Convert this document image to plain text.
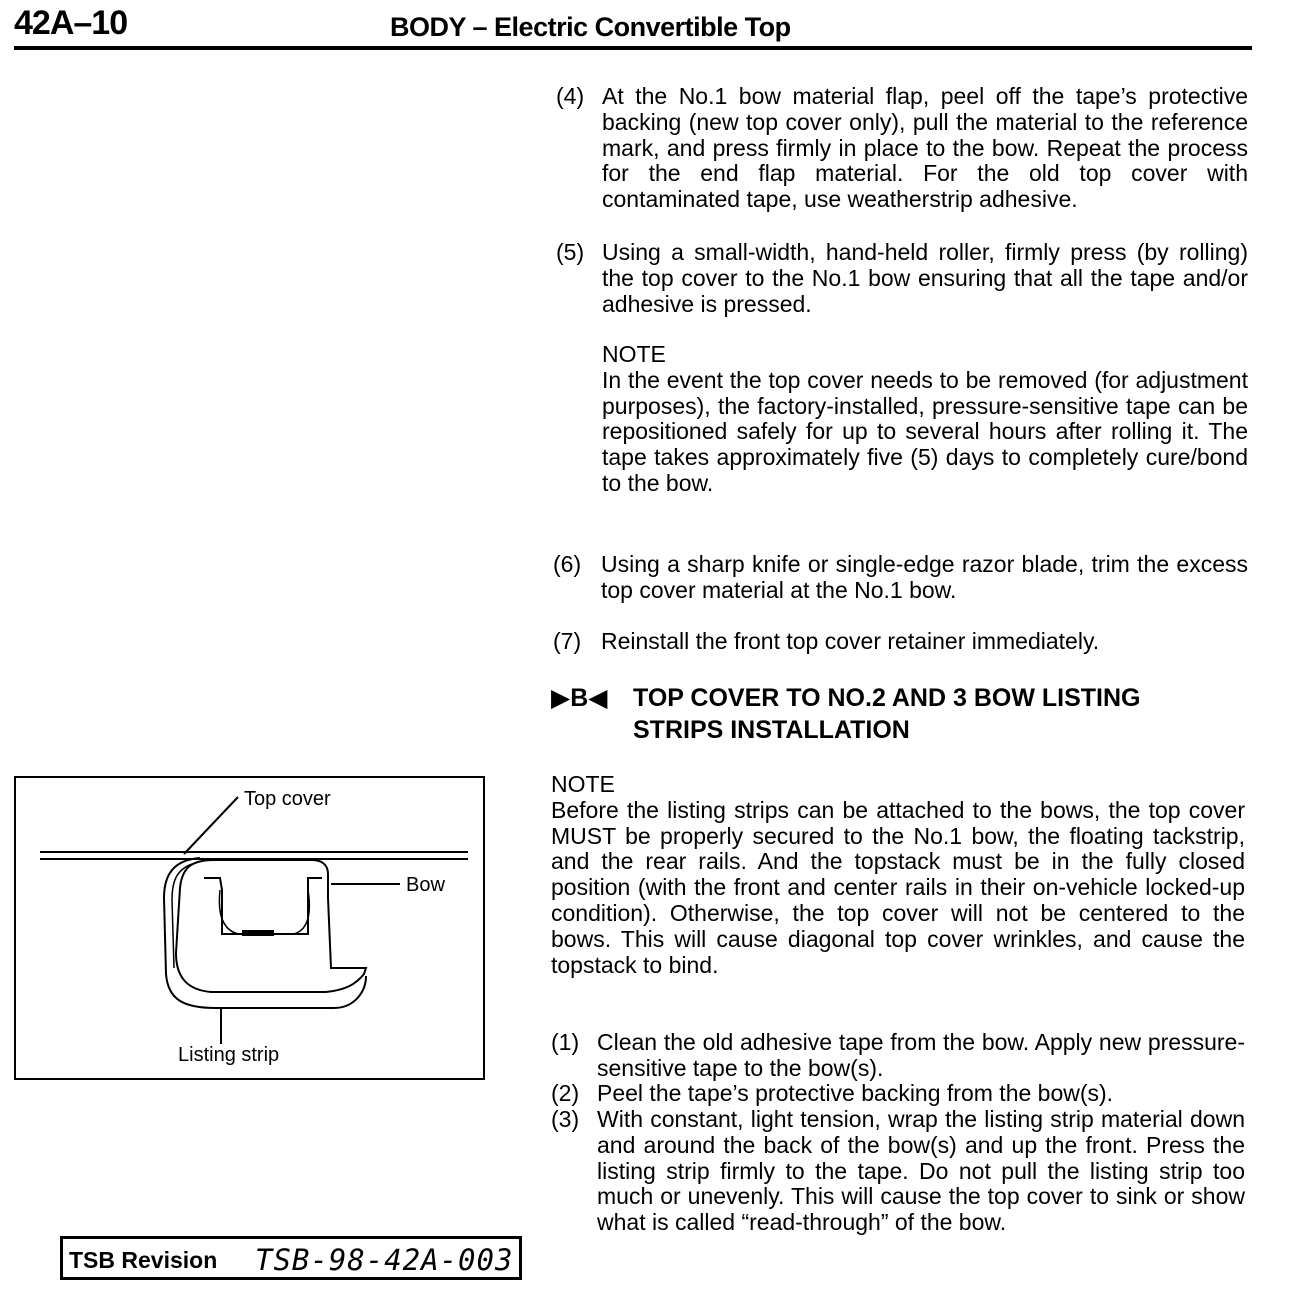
42A–10	BODY – Electric Convertible Top
(4) At the No.1 bow material flap, peel off the tape’s protective backing (new top cover only), pull the material to the reference mark, and press firmly in place to the bow. Repeat the process for the end flap material. For the old top cover with contaminated tape, use weatherstrip adhesive.
(5) Using a small-width, hand-held roller, firmly press (by rolling) the top cover to the No.1 bow ensuring that all the tape and/or adhesive is pressed.
NOTE
In the event the top cover needs to be removed (for adjustment purposes), the factory-installed, pressure-sensitive tape can be repositioned safely for up to several hours after rolling it. The tape takes approximately five (5) days to completely cure/bond to the bow.
(6) Using a sharp knife or single-edge razor blade, trim the excess top cover material at the No.1 bow.
(7) Reinstall the front top cover retainer immediately.
▶B◀ TOP COVER TO NO.2 AND 3 BOW LISTING
STRIPS INSTALLATION
NOTE
Before the listing strips can be attached to the bows, the top cover MUST be properly secured to the No.1 bow, the floating tackstrip, and the rear rails. And the topstack must be in the fully closed position (with the front and center rails in their on-vehicle locked-up condition). Otherwise, the top cover will not be centered to the bows. This will cause diagonal top cover wrinkles, and cause the topstack to bind.
(1) Clean the old adhesive tape from the bow. Apply new pressure-sensitive tape to the bow(s).
(2) Peel the tape’s protective backing from the bow(s).
(3) With constant, light tension, wrap the listing strip material down and around the back of the bow(s) and up the front. Press the listing strip firmly to the tape. Do not pull the listing strip too much or unevenly. This will cause the top cover to sink or show what is called “read-through” of the bow.
Top cover
Bow
Listing strip
TSB Revision TSB-98-42A-003
